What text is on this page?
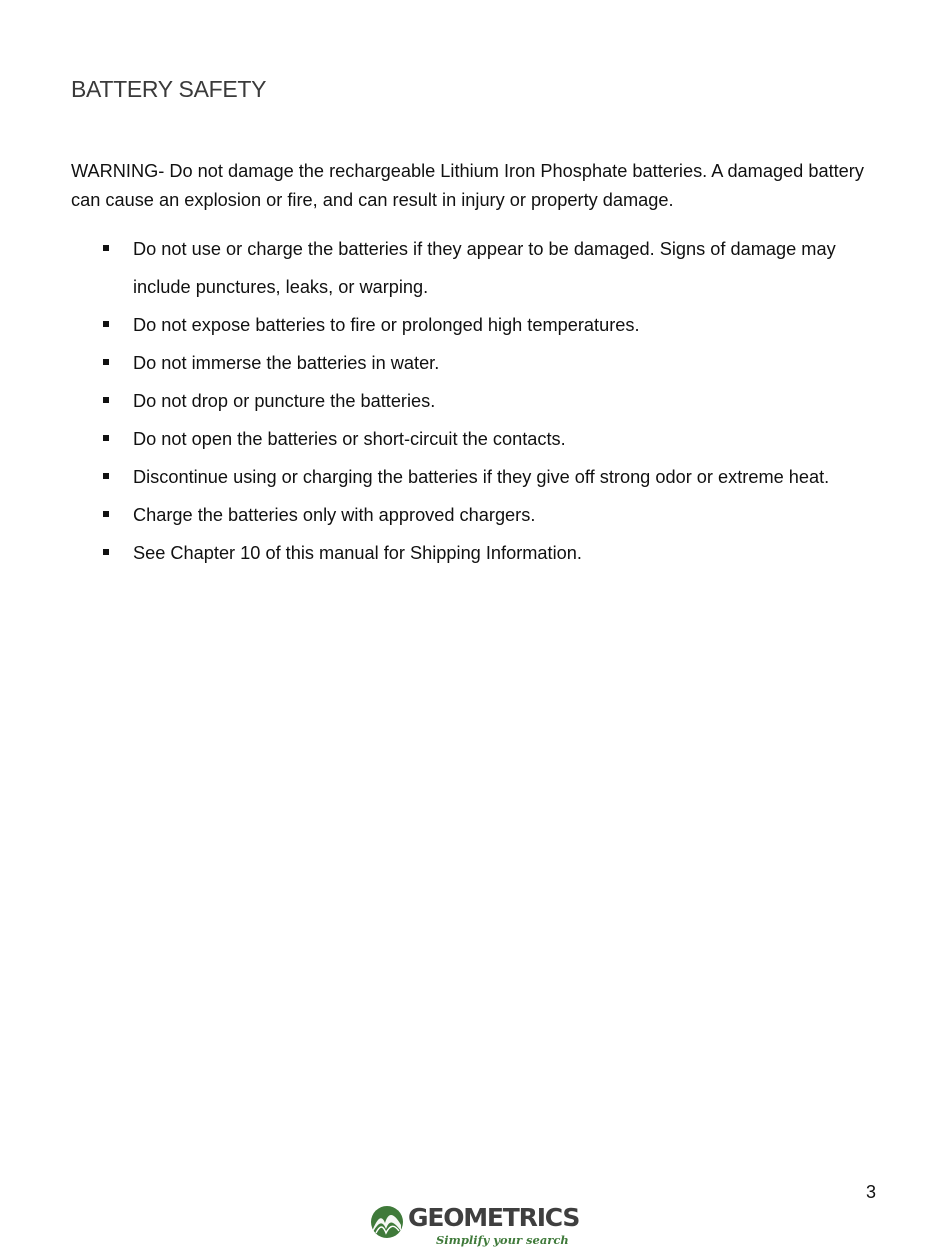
BATTERY SAFETY

WARNING- Do not damage the rechargeable Lithium Iron Phosphate batteries. A damaged battery can cause an explosion or fire, and can result in injury or property damage.

Do not use or charge the batteries if they appear to be damaged. Signs of damage may include punctures, leaks, or warping.
Do not expose batteries to fire or prolonged high temperatures.
Do not immerse the batteries in water.
Do not drop or puncture the batteries.
Do not open the batteries or short-circuit the contacts.
Discontinue using or charging the batteries if they give off strong odor or extreme heat.
Charge the batteries only with approved chargers.
See Chapter 10 of this manual for Shipping Information.
3
GEOMETRICS
Simplify your search
